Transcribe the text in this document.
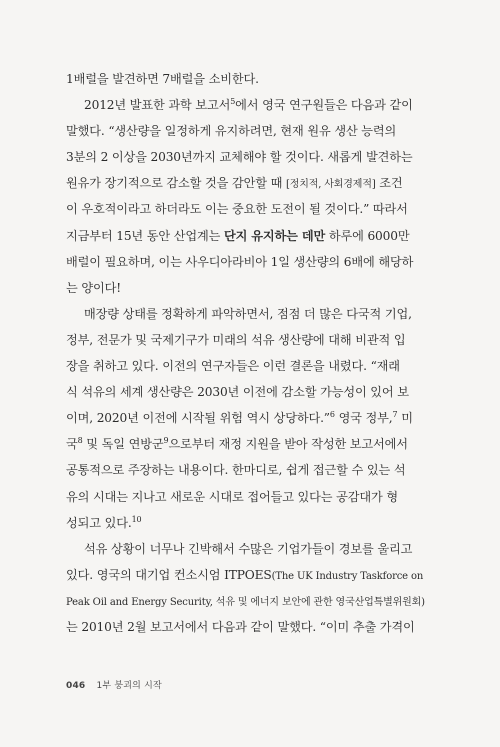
1배럴을 발견하면 7배럴을 소비한다.
2012년 발표한 과학 보고서$^5$에서 영국 연구원들은 다음과 같이
말했다. “생산량을 일정하게 유지하려면, 현재 원유 생산 능력의
3분의 2 이상을 2030년까지 교체해야 할 것이다. 새롭게 발견하는
원유가 장기적으로 감소할 것을 감안할 때 [정치적, 사회경제적] 조건
이 우호적이라고 하더라도 이는 중요한 도전이 될 것이다.” 따라서
지금부터 15년 동안 산업계는 단지 유지하는 데만 하루에 6000만
배럴이 필요하며, 이는 사우디아라비아 1일 생산량의 6배에 해당하
는 양이다!
매장량 상태를 정확하게 파악하면서, 점점 더 많은 다국적 기업,
정부, 전문가 및 국제기구가 미래의 석유 생산량에 대해 비관적 입
장을 취하고 있다. 이전의 연구자들은 이런 결론을 내렸다. “재래
식 석유의 세계 생산량은 2030년 이전에 감소할 가능성이 있어 보
이며, 2020년 이전에 시작될 위험 역시 상당하다.”$^6$ 영국 정부,$^7$ 미
국$^8$ 및 독일 연방군$^9$으로부터 재정 지원을 받아 작성한 보고서에서
공통적으로 주장하는 내용이다. 한마디로, 쉽게 접근할 수 있는 석
유의 시대는 지나고 새로운 시대로 접어들고 있다는 공감대가 형
성되고 있다.$^{10}$
석유 상황이 너무나 긴박해서 수많은 기업가들이 경보를 울리고
있다. 영국의 대기업 컨소시엄 ITPOES(The UK Industry Taskforce on
Peak Oil and Energy Security, 석유 및 에너지 보안에 관한 영국산업특별위원회)
는 2010년 2월 보고서에서 다음과 같이 말했다. “이미 추출 가격이
046 1부 붕괴의 시작
